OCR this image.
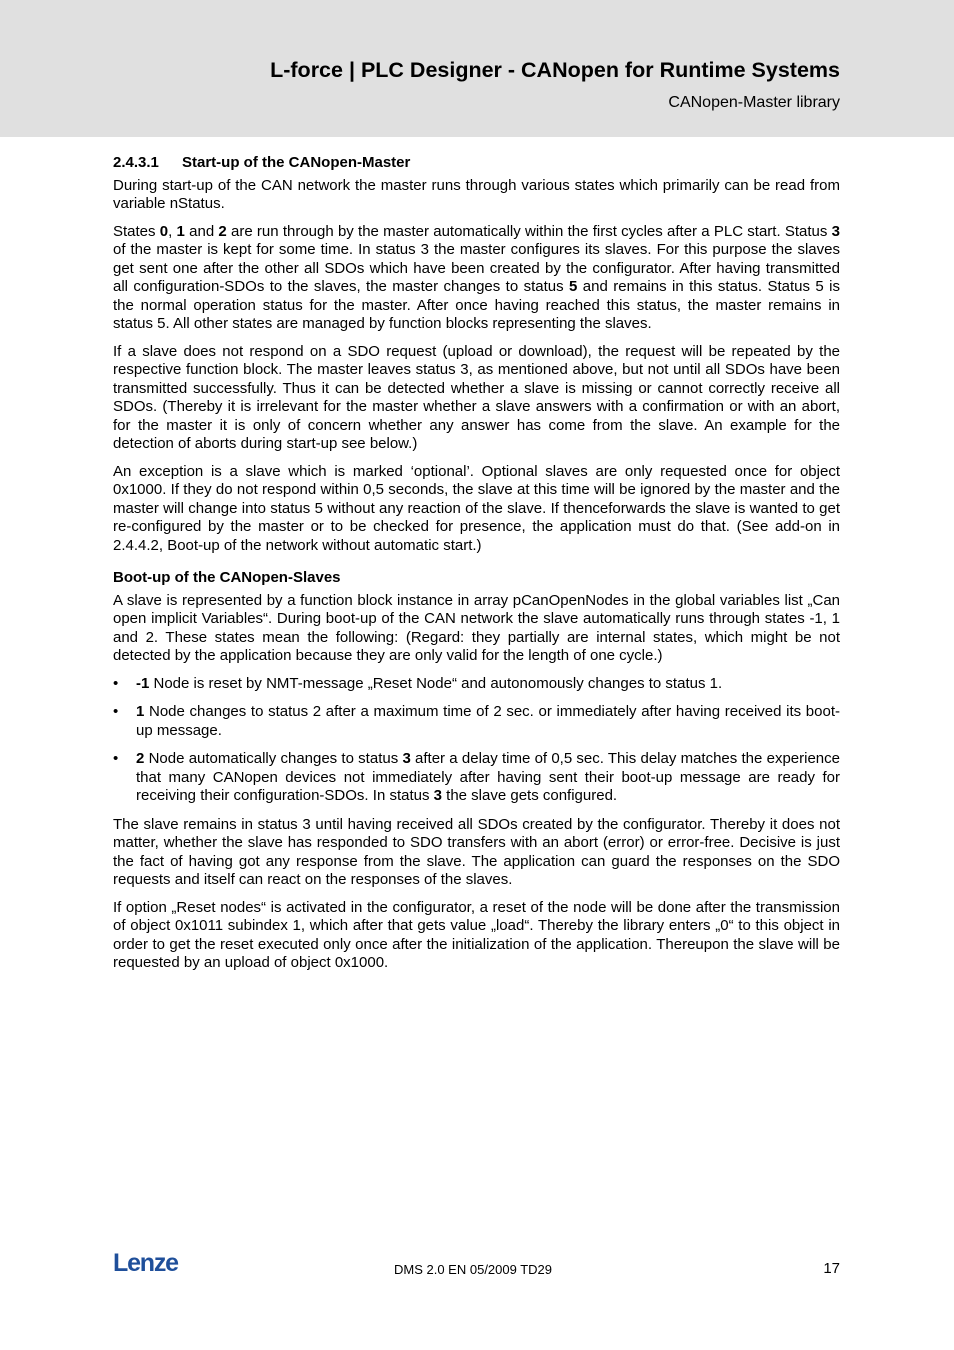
L-force | PLC Designer - CANopen for Runtime Systems
CANopen-Master library
2.4.3.1 Start-up of the CANopen-Master

During start-up of the CAN network the master runs through various states which primarily can be read from variable nStatus.

States 0, 1 and 2 are run through by the master automatically within the first cycles after a PLC start. Status 3 of the master is kept for some time. In status 3 the master configures its slaves. For this purpose the slaves get sent one after the other all SDOs which have been created by the configurator. After having transmitted all configuration-SDOs to the slaves, the master changes to status 5 and remains in this status. Status 5 is the normal operation status for the master. After once having reached this status, the master remains in status 5. All other states are managed by function blocks representing the slaves.

If a slave does not respond on a SDO request (upload or download), the request will be repeated by the respective function block. The master leaves status 3, as mentioned above, but not until all SDOs have been transmitted successfully. Thus it can be detected whether a slave is missing or cannot correctly receive all SDOs. (Thereby it is irrelevant for the master whether a slave answers with a confirmation or with an abort, for the master it is only of concern whether any answer has come from the slave. An example for the detection of aborts during start-up see below.)

An exception is a slave which is marked ‘optional’. Optional slaves are only requested once for object 0x1000. If they do not respond within 0,5 seconds, the slave at this time will be ignored by the master and the master will change into status 5 without any reaction of the slave. If thenceforwards the slave is wanted to get re-configured by the master or to be checked for presence, the application must do that. (See add-on in 2.4.4.2, Boot-up of the network without automatic start.)

Boot-up of the CANopen-Slaves

A slave is represented by a function block instance in array pCanOpenNodes in the global variables list „Can open implicit Variables“. During boot-up of the CAN network the slave automatically runs through states -1, 1 and 2. These states mean the following: (Regard: they partially are internal states, which might be not detected by the application because they are only valid for the length of one cycle.)

• -1 Node is reset by NMT-message „Reset Node“ and autonomously changes to status 1.
• 1 Node changes to status 2 after a maximum time of 2 sec. or immediately after having received its boot-up message.
• 2 Node automatically changes to status 3 after a delay time of 0,5 sec. This delay matches the experience that many CANopen devices not immediately after having sent their boot-up message are ready for receiving their configuration-SDOs. In status 3 the slave gets configured.

The slave remains in status 3 until having received all SDOs created by the configurator. Thereby it does not matter, whether the slave has responded to SDO transfers with an abort (error) or error-free. Decisive is just the fact of having got any response from the slave. The application can guard the responses on the SDO requests and itself can react on the responses of the slaves.

If option „Reset nodes“ is activated in the configurator, a reset of the node will be done after the transmission of object 0x1011 subindex 1, which after that gets value „load“. Thereby the library enters „0“ to this object in order to get the reset executed only once after the initialization of the application. Thereupon the slave will be requested by an upload of object 0x1000.

Lenze	DMS 2.0 EN 05/2009 TD29	17
